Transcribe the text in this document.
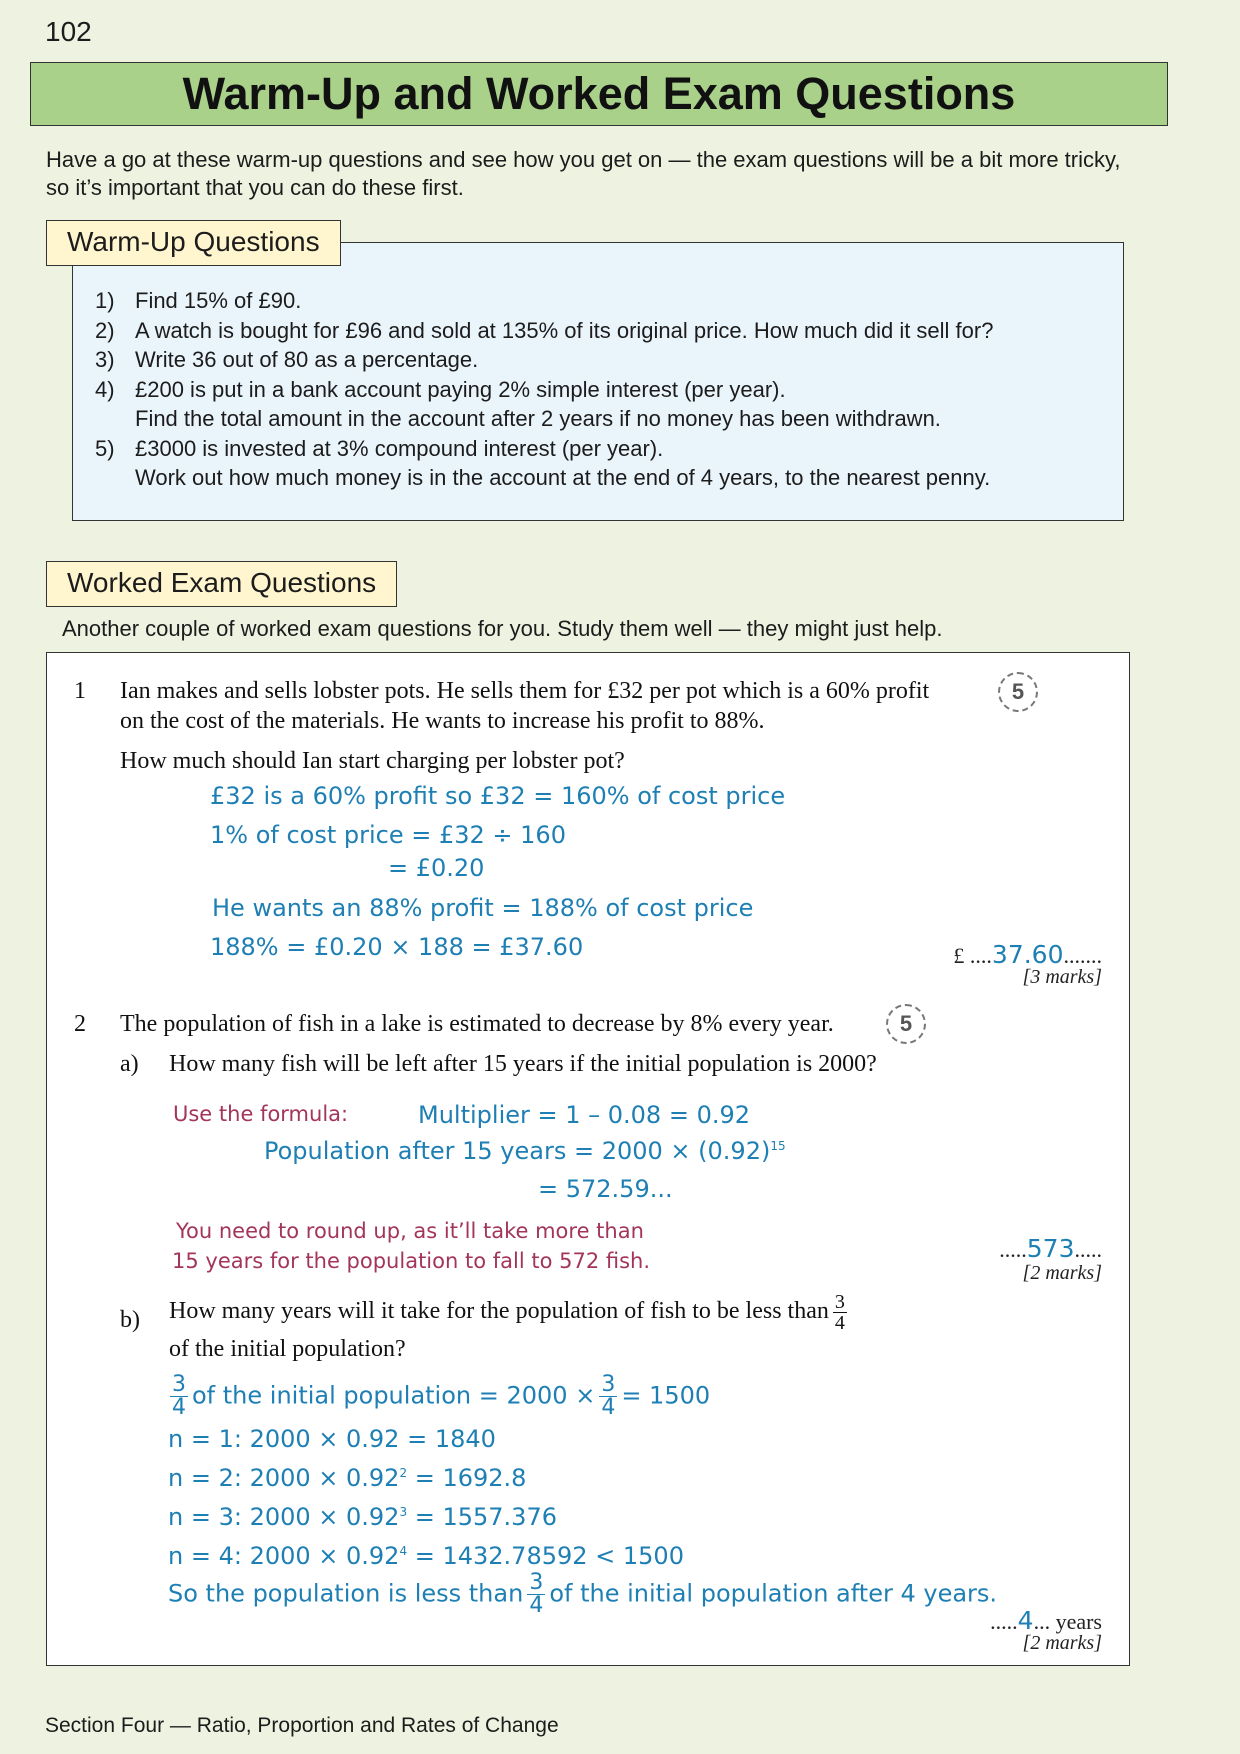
102
Warm-Up and Worked Exam Questions
Have a go at these warm-up questions and see how you get on — the exam questions will be a bit more tricky, so it’s important that you can do these first.
Warm-Up Questions
1) Find 15% of £90.
2) A watch is bought for £96 and sold at 135% of its original price. How much did it sell for?
3) Write 36 out of 80 as a percentage.
4) £200 is put in a bank account paying 2% simple interest (per year).
Find the total amount in the account after 2 years if no money has been withdrawn.
5) £3000 is invested at 3% compound interest (per year).
Work out how much money is in the account at the end of 4 years, to the nearest penny.
Worked Exam Questions
Another couple of worked exam questions for you. Study them well — they might just help.
1 Ian makes and sells lobster pots. He sells them for £32 per pot which is a 60% profit
on the cost of the materials. He wants to increase his profit to 88%.
5
How much should Ian start charging per lobster pot?
£32 is a 60% profit so £32 = 160% of cost price
1% of cost price = £32 ÷ 160
= £0.20
He wants an 88% profit = 188% of cost price
188% = £0.20 × 188 = £37.60	£ ....37.60.......
[3 marks]
2 The population of fish in a lake is estimated to decrease by 8% every year.	5
a) How many fish will be left after 15 years if the initial population is 2000?
Use the formula:	Multiplier = 1 – 0.08 = 0.92
Population after 15 years = $2000 \times (0.92)^{15}$
= 572.59...
You need to round up, as it’ll take more than
15 years for the population to fall to 572 fish.	.....573.....
[2 marks]
b) How many years will it take for the population of fish to be less than $\frac{3}{4}$
of the initial population?
$\frac{3}{4}$ of the initial population = $2000 \times \frac{3}{4} = 1500$
n = 1: 2000 × 0.92 = 1840
n = 2: $2000 \times 0.92^2 = 1692.8$
n = 3: $2000 \times 0.92^3 = 1557.376$
n = 4: $2000 \times 0.92^4 = 1432.78592 < 1500$
So the population is less than $\frac{3}{4}$ of the initial population after 4 years.
.....4... years
[2 marks]
Section Four — Ratio, Proportion and Rates of Change
